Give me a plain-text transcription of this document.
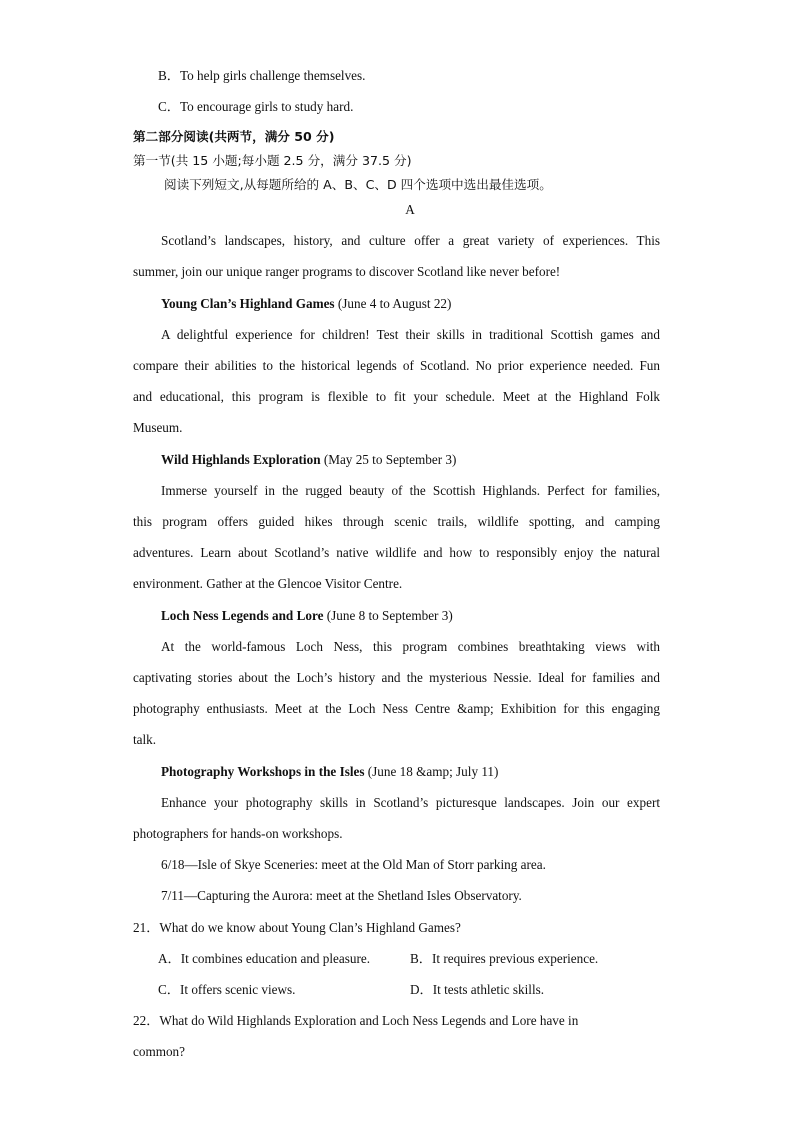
B．To help girls challenge themselves.
C．To encourage girls to study hard.
第二部分阅读(共两节，满分 50 分)
第一节(共 15 小题;每小题 2.5 分，满分 37.5 分)
阅读下列短文,从每题所给的 A、B、C、D 四个选项中选出最佳选项。
A
Scotland’s landscapes, history, and culture offer a great variety of experiences. This
summer, join our unique ranger programs to discover Scotland like never before!
Young Clan’s Highland Games (June 4 to August 22)
A delightful experience for children! Test their skills in traditional Scottish games and
compare their abilities to the historical legends of Scotland. No prior experience needed. Fun
and educational, this program is flexible to fit your schedule. Meet at the Highland Folk
Museum.
Wild Highlands Exploration (May 25 to September 3)
Immerse yourself in the rugged beauty of the Scottish Highlands. Perfect for families,
this program offers guided hikes through scenic trails, wildlife spotting, and camping
adventures. Learn about Scotland’s native wildlife and how to responsibly enjoy the natural
environment. Gather at the Glencoe Visitor Centre.
Loch Ness Legends and Lore (June 8 to September 3)
At the world-famous Loch Ness, this program combines breathtaking views with
captivating stories about the Loch’s history and the mysterious Nessie. Ideal for families and
photography enthusiasts. Meet at the Loch Ness Centre &amp; Exhibition for this engaging
talk.
Photography Workshops in the Isles (June 18 &amp; July 11)
Enhance your photography skills in Scotland’s picturesque landscapes. Join our expert
photographers for hands-on workshops.
6/18—Isle of Skye Sceneries: meet at the Old Man of Storr parking area.
7/11—Capturing the Aurora: meet at the Shetland Isles Observatory.
21．What do we know about Young Clan’s Highland Games?
A．It combines education and pleasure.	B．It requires previous experience.
C．It offers scenic views.	D．It tests athletic skills.
22．What do Wild Highlands Exploration and Loch Ness Legends and Lore have in
common?
